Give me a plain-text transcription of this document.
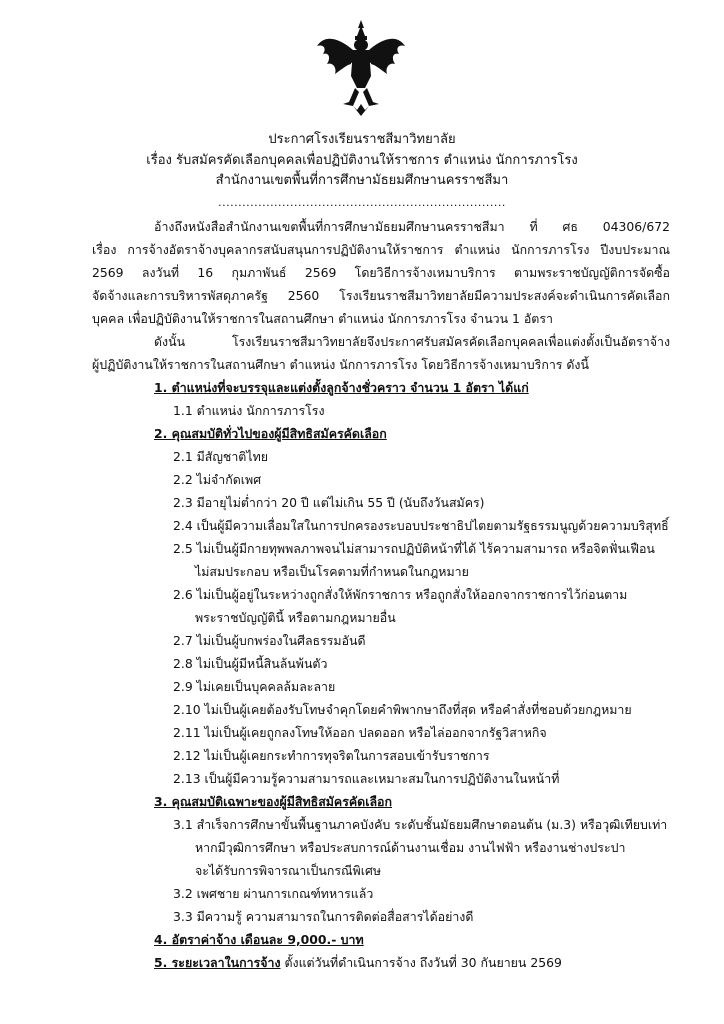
ประกาศโรงเรียนราชสีมาวิทยาลัย
เรื่อง รับสมัครคัดเลือกบุคคลเพื่อปฏิบัติงานให้ราชการ ตำแหน่ง นักการภารโรง
สำนักงานเขตพื้นที่การศึกษามัธยมศึกษานครราชสีมา
........................................................................
อ้างถึงหนังสือสำนักงานเขตพื้นที่การศึกษามัธยมศึกษานครราชสีมา ที่ ศธ 04306/672
เรื่อง การจ้างอัตราจ้างบุคลากรสนับสนุนการปฏิบัติงานให้ราชการ ตำแหน่ง นักการภารโรง ปีงบประมาณ
2569 ลงวันที่ 16 กุมภาพันธ์ 2569 โดยวิธีการจ้างเหมาบริการ ตามพระราชบัญญัติการจัดซื้อ
จัดจ้างและการบริหารพัสดุภาครัฐ 2560 โรงเรียนราชสีมาวิทยาลัยมีความประสงค์จะดำเนินการคัดเลือก
บุคคล เพื่อปฏิบัติงานให้ราชการในสถานศึกษา ตำแหน่ง นักการภารโรง จำนวน 1 อัตรา
ดังนั้น โรงเรียนราชสีมาวิทยาลัยจึงประกาศรับสมัครคัดเลือกบุคคลเพื่อแต่งตั้งเป็นอัตราจ้าง
ผู้ปฏิบัติงานให้ราชการในสถานศึกษา ตำแหน่ง นักการภารโรง โดยวิธีการจ้างเหมาบริการ ดังนี้
1. ตำแหน่งที่จะบรรจุและแต่งตั้งลูกจ้างชั่วคราว จำนวน 1 อัตรา ได้แก่
1.1 ตำแหน่ง นักการภารโรง
2. คุณสมบัติทั่วไปของผู้มีสิทธิสมัครคัดเลือก
2.1 มีสัญชาติไทย
2.2 ไม่จำกัดเพศ
2.3 มีอายุไม่ต่ำกว่า 20 ปี แต่ไม่เกิน 55 ปี (นับถึงวันสมัคร)
2.4 เป็นผู้มีความเลื่อมใสในการปกครองระบอบประชาธิปไตยตามรัฐธรรมนูญด้วยความบริสุทธิ์
2.5 ไม่เป็นผู้มีกายทุพพลภาพจนไม่สามารถปฏิบัติหน้าที่ได้ ไร้ความสามารถ หรือจิตฟั่นเฟือน
ไม่สมประกอบ หรือเป็นโรคตามที่กำหนดในกฎหมาย
2.6 ไม่เป็นผู้อยู่ในระหว่างถูกสั่งให้พักราชการ หรือถูกสั่งให้ออกจากราชการไว้ก่อนตาม
พระราชบัญญัตินี้ หรือตามกฎหมายอื่น
2.7 ไม่เป็นผู้บกพร่องในศีลธรรมอันดี
2.8 ไม่เป็นผู้มีหนี้สินล้นพ้นตัว
2.9 ไม่เคยเป็นบุคคลล้มละลาย
2.10 ไม่เป็นผู้เคยต้องรับโทษจำคุกโดยคำพิพากษาถึงที่สุด หรือคำสั่งที่ชอบด้วยกฎหมาย
2.11 ไม่เป็นผู้เคยถูกลงโทษให้ออก ปลดออก หรือไล่ออกจากรัฐวิสาหกิจ
2.12 ไม่เป็นผู้เคยกระทำการทุจริตในการสอบเข้ารับราชการ
2.13 เป็นผู้มีความรู้ความสามารถและเหมาะสมในการปฏิบัติงานในหน้าที่
3. คุณสมบัติเฉพาะของผู้มีสิทธิสมัครคัดเลือก
3.1 สำเร็จการศึกษาขั้นพื้นฐานภาคบังคับ ระดับชั้นมัธยมศึกษาตอนต้น (ม.3) หรือวุฒิเทียบเท่า
หากมีวุฒิการศึกษา หรือประสบการณ์ด้านงานเชื่อม งานไฟฟ้า หรืองานช่างประปา
จะได้รับการพิจารณาเป็นกรณีพิเศษ
3.2 เพศชาย ผ่านการเกณฑ์ทหารแล้ว
3.3 มีความรู้ ความสามารถในการติดต่อสื่อสารได้อย่างดี
4. อัตราค่าจ้าง เดือนละ 9,000.- บาท
5. ระยะเวลาในการจ้าง ตั้งแต่วันที่ดำเนินการจ้าง ถึงวันที่ 30 กันยายน 2569
